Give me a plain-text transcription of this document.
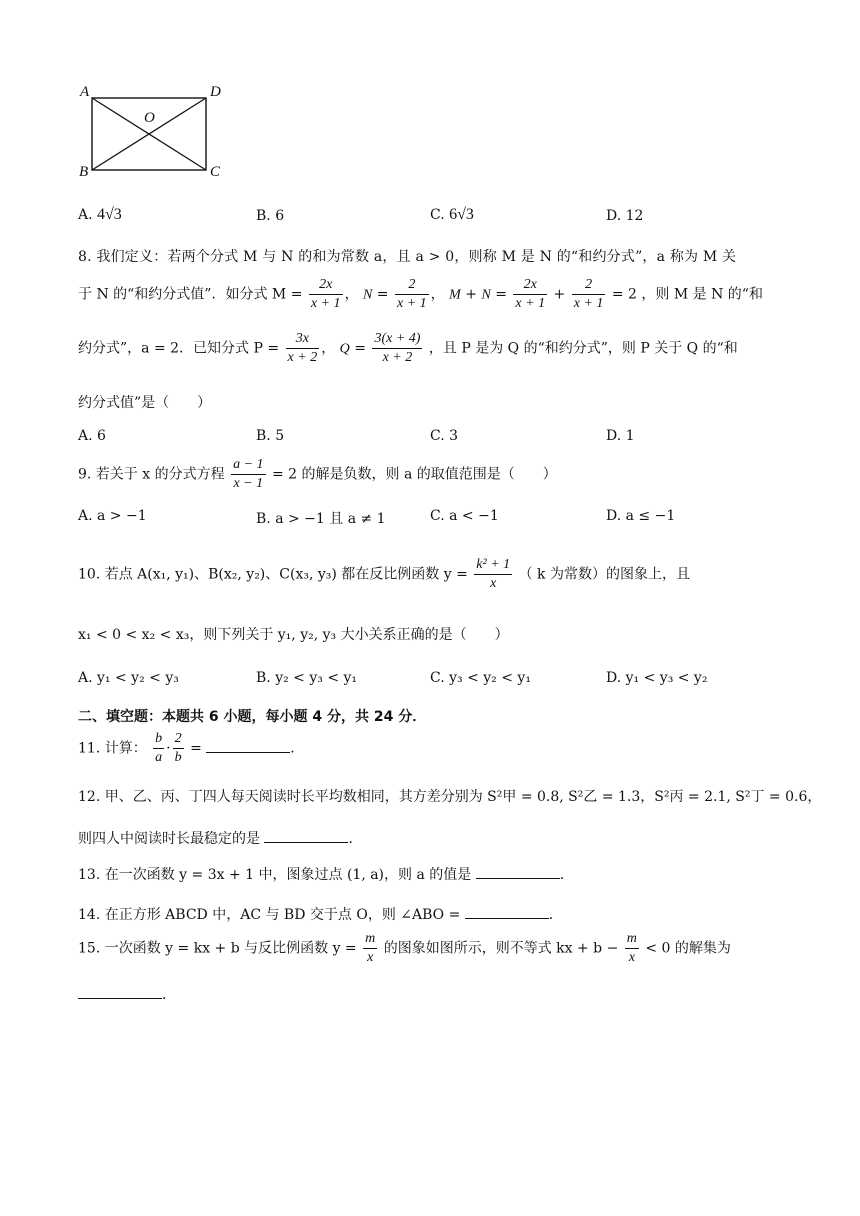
A	D
O
B	C
A. 4√3	B. 6	C. 6√3	D. 12
8. 我们定义：若两个分式 M 与 N 的和为常数 a，且 a > 0，则称 M 是 N 的“和约分式”，a 称为 M 关
于 N 的“和约分式值”．如分式 $M = \frac{2x}{x + 1}$ ， $N = \frac{2}{x + 1}$ ， $M + N = \frac{2x}{x + 1} + \frac{2}{x + 1} = 2$ ，则 M 是 N 的“和
约分式”，a = 2．已知分式 $P = \frac{3x}{x + 2}$ ， $Q = \frac{3(x + 4)}{x + 2}$ ，且 P 是为 Q 的“和约分式”，则 P 关于 Q 的“和
约分式值”是（　　）
A. 6	B. 5	C. 3	D. 1
9. 若关于 x 的分式方程 $\frac{a - 1}{x - 1} = 2$ 的解是负数，则 a 的取值范围是（　　）
A. a > −1	B. a > −1 且 a ≠ 1	C. a < −1	D. a ≤ −1
10. 若点 A(x₁, y₁)、B(x₂, y₂)、C(x₃, y₃) 都在反比例函数 $y = \frac{\text{k² + 1}}{x}$ （ k 为常数）的图象上，且
x₁ < 0 < x₂ < x₃，则下列关于 y₁, y₂, y₃ 大小关系正确的是（　　）
A. y₁ < y₂ < y₃	B. y₂ < y₃ < y₁	C. y₃ < y₂ < y₁	D. y₁ < y₃ < y₂
二、填空题：本题共 6 小题，每小题 4 分，共 24 分．
11. 计算： $\frac{b}{a} \cdot \frac{2}{b}$ =	．
12. 甲、乙、丙、丁四人每天阅读时长平均数相同，其方差分别为 S²甲 = 0.8, S²乙 = 1.3，S²丙 = 2.1, S²丁 = 0.6，
则四人中阅读时长最稳定的是	．
13. 在一次函数 y = 3x + 1 中，图象过点 (1, a)，则 a 的值是	．
14. 在正方形 ABCD 中，AC 与 BD 交于点 O，则 ∠ABO =	．
15. 一次函数 y = kx + b 与反比例函数 $y = \frac{m}{x}$ 的图象如图所示，则不等式 kx + $b - \frac{m}{x} < 0$ 的解集为
．
